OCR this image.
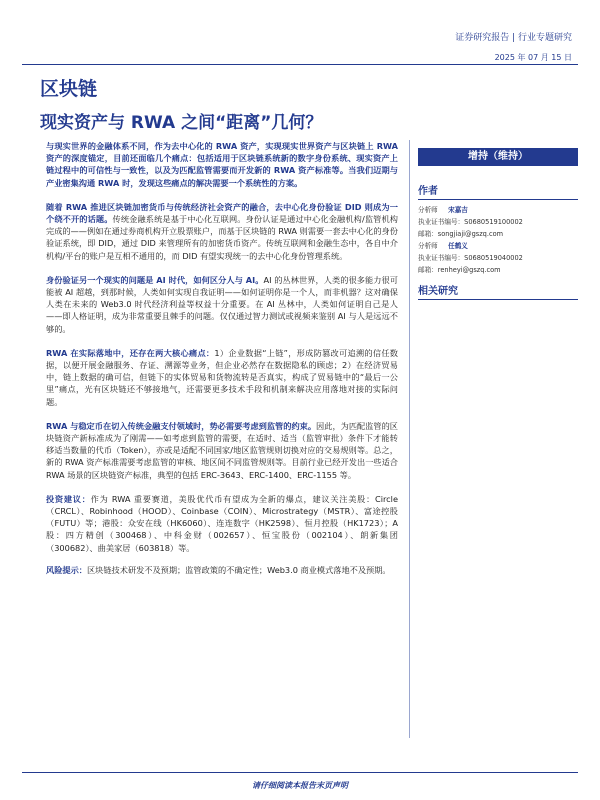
证券研究报告 | 行业专题研究
2025 年 07 月 15 日
区块链
现实资产与 RWA 之间“距离”几何？

与现实世界的金融体系不同，作为去中心化的 RWA 资产，实现现实世界资产与区块链上 RWA 资产的深度锚定，目前还面临几个痛点：包括适用于区块链系统新的数字身份系统、现实资产上链过程中的可信性与一致性，以及为匹配监管需要而开发新的 RWA 资产标准等。当我们迈期与产业密集沟通 RWA 时，发现这些痛点的解决需要一个系统性的方案。

随着 RWA 推进区块链加密货币与传统经济社会资产的融合，去中心化身份验证 DID 则成为一个绕不开的话题。传统金融系统是基于中心化互联网。身份认证是通过中心化金融机构/监管机构完成的——例如在通过券商机构开立股票账户，而基于区块链的 RWA 则需要一套去中心化的身份验证系统，即 DID，通过 DID 来管理所有的加密货币资产。传统互联网和金融生态中，各自中介机构/平台的账户是互相不通用的，而 DID 有望实现统一的去中心化身份管理系统。

身份验证另一个现实的问题是 AI 时代，如何区分人与 AI。AI 的丛林世界，人类的很多能力很可能被 AI 超越，到那时候，人类如何实现自我证明——如何证明你是一个人，而非机器？这对确保人类在未来的 Web3.0 时代经济利益等权益十分重要。在 AI 丛林中，人类如何证明自己是人——即人格证明，成为非常重要且棘手的问题。仅仅通过智力测试或视频来鉴别 AI 与人是远远不够的。

RWA 在实际落地中，还存在两大核心痛点：1）企业数据“上链”，形成防篡改可追溯的信任数据，以便开展金融服务、存证、溯源等业务，但企业必然存在数据隐私的顾虑；2）在经济贸易中，链上数据的确可信，但链下的实体贸易和货物流转是否真实，构成了贸易链中的“最后一公里”痛点，光有区块链还不够接地气，还需要更多技术手段和机制来解决应用落地对接的实际问题。

RWA 与稳定币在切入传统金融支付领域时，势必需要考虑到监管的约束。因此，为匹配监管的区块链资产新标准成为了刚需——如考虑到监管的需要，在适时、适当（监管审批）条件下才能转移适当数量的代币（Token），亦或是适配不同国家/地区监管规则切换对应的交易规则等。总之，新的 RWA 资产标准需要考虑监管的审核、地区间不同监管规则等。目前行业已经开发出一些适合 RWA 场景的区块链资产标准，典型的包括 ERC-3643、ERC-1400、ERC-1155 等。

投资建议：作为 RWA 重要赛道，美股优代币有望成为全新的爆点，建议关注美股：Circle（CRCL）、Robinhood（HOOD）、Coinbase（COIN）、Microstrategy（MSTR）、富途控股（FUTU）等；港股：众安在线（HK6060）、连连数字（HK2598）、恒月控股（HK1723）；A 股：四方精创（300468）、中科金财（002657）、恒宝股份（002104）、朗新集团（300682）、曲美家居（603818）等。

风险提示：区块链技术研发不及预期；监管政策的不确定性；Web3.0 商业模式落地不及预期。

增持（维持）
作者
分析师 宋嘉吉
执业证书编号：S0680519100002
邮箱：songjiaji@gszq.com
分析师 任鹤义
执业证书编号：S0680519040002
邮箱：renheyi@gszq.com
相关研究
请仔细阅读本报告末页声明
